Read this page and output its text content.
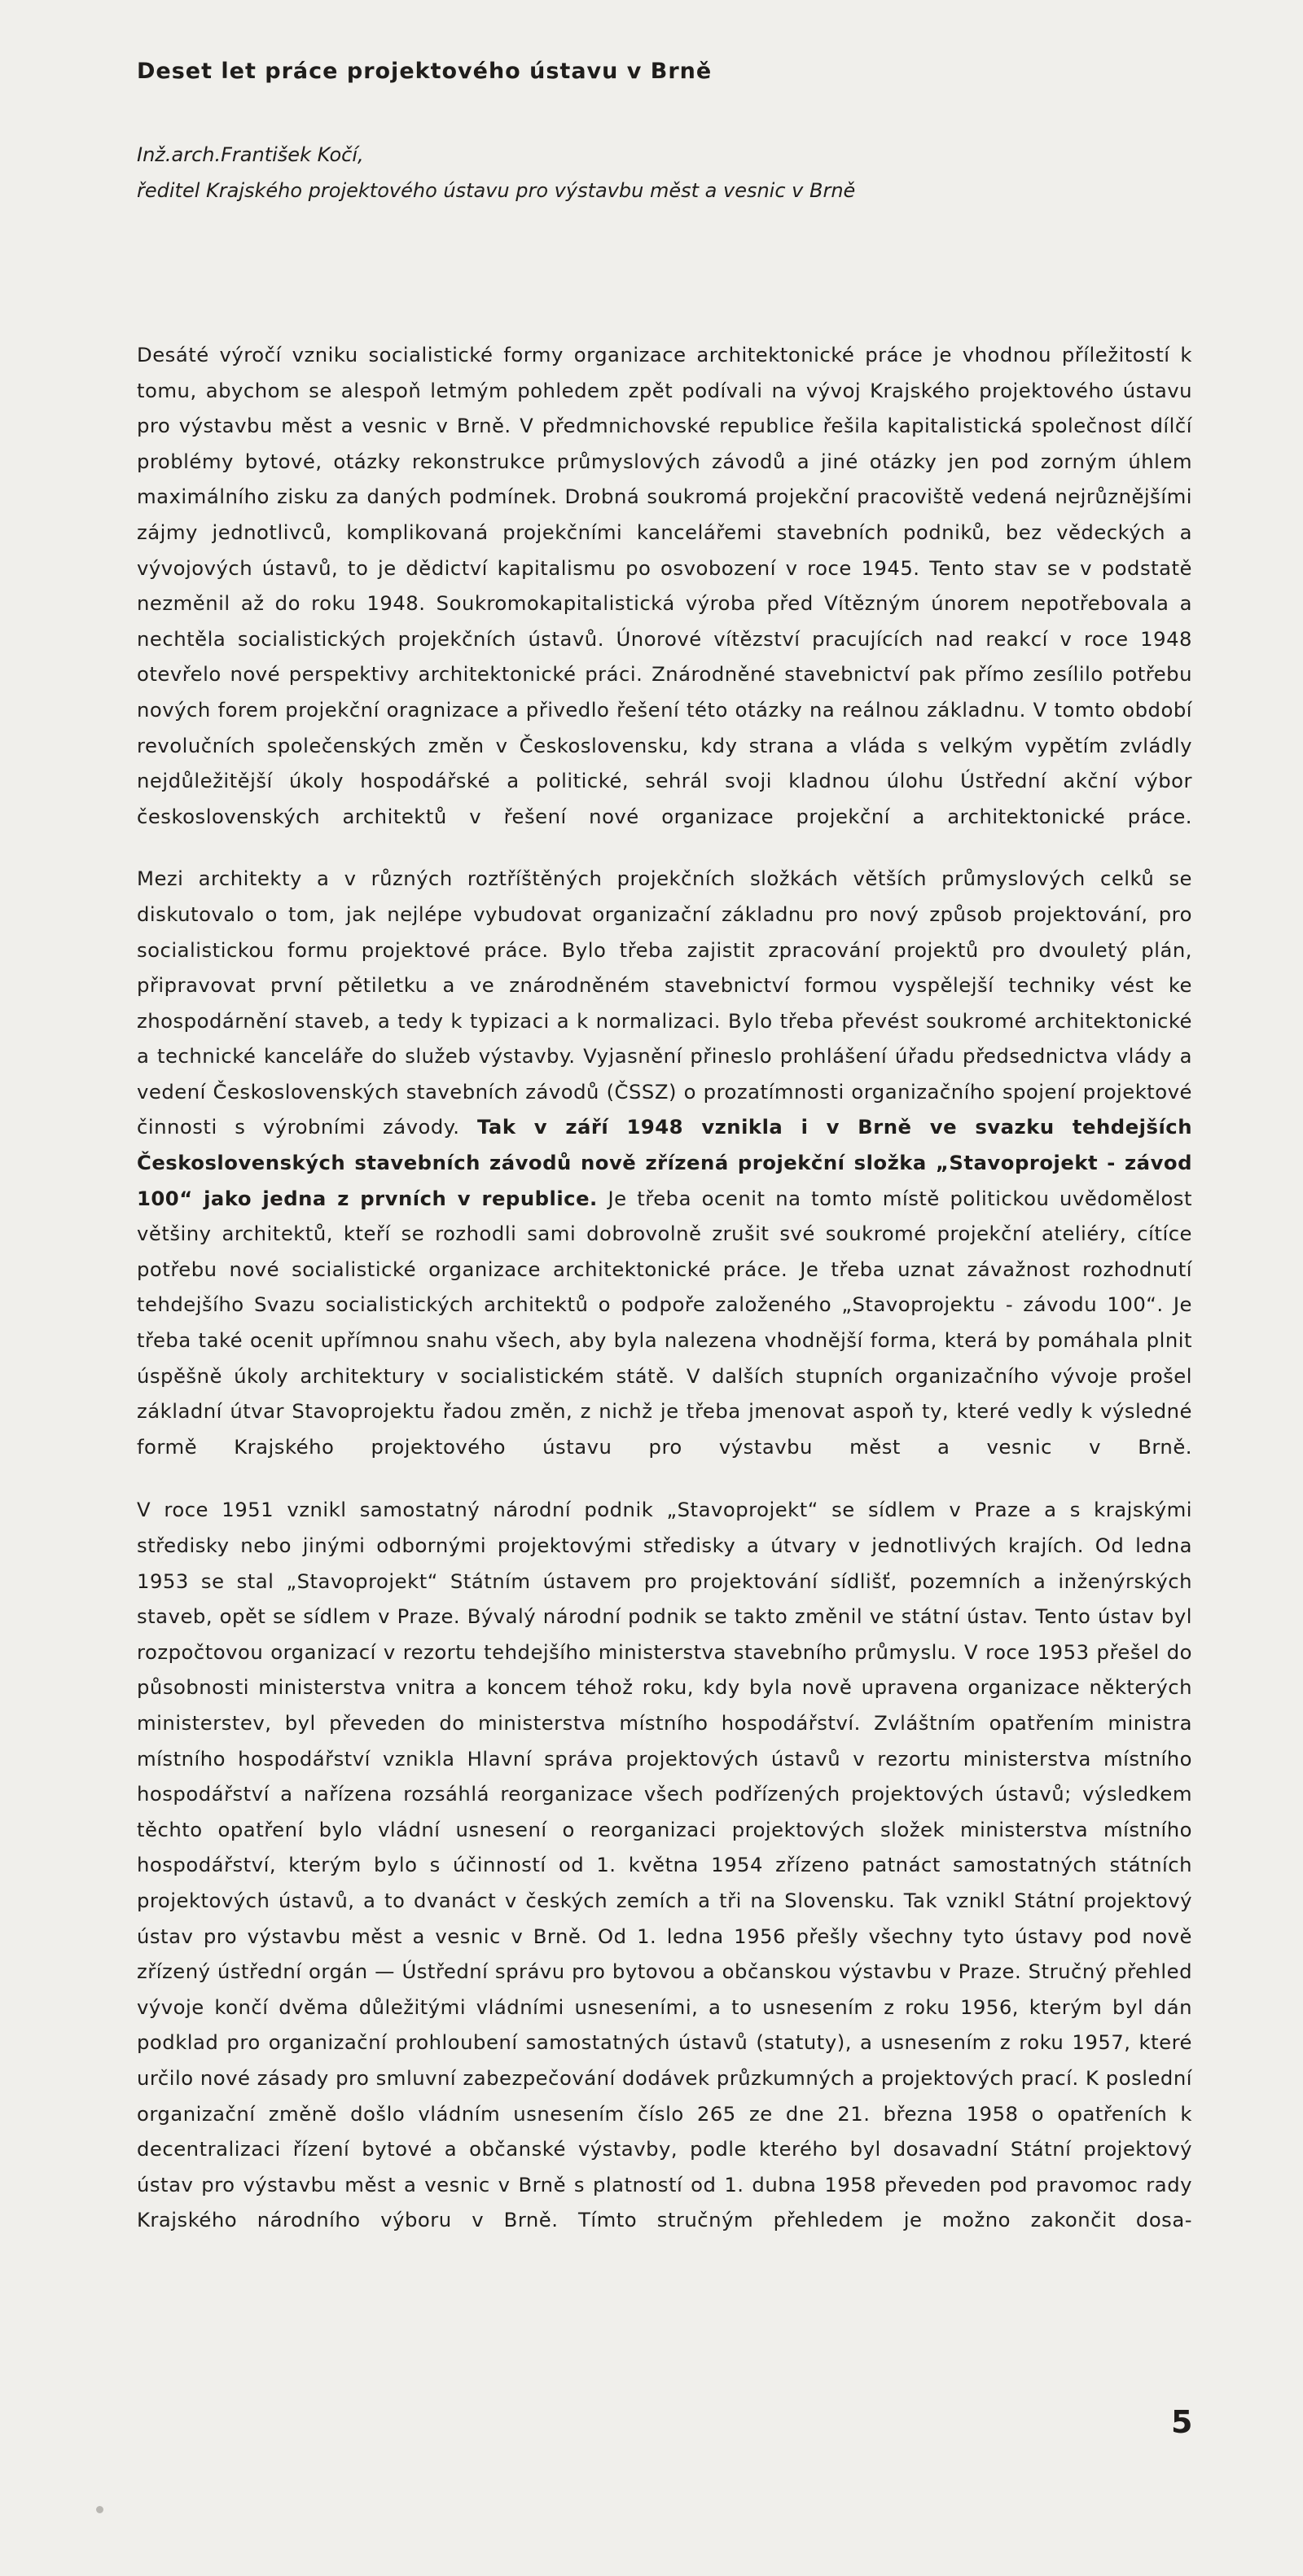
Deset let práce projektového ústavu v Brně

Inž.arch.František Kočí,
ředitel Krajského projektového ústavu pro výstavbu měst a vesnic v Brně

Desáté výročí vzniku socialistické formy organizace architektonické práce je vhodnou příležitostí k tomu, abychom se alespoň letmým pohledem zpět podívali na vývoj Krajského projektového ústavu pro výstavbu měst a vesnic v Brně. V předmnichovské republice řešila kapitalistická společnost dílčí problémy bytové, otázky rekonstrukce průmyslových závodů a jiné otázky jen pod zorným úhlem maximálního zisku za daných podmínek. Drobná soukromá projekční pracoviště vedená nejrůznějšími zájmy jednotlivců, komplikovaná projekčními kancelářemi stavebních podniků, bez vědeckých a vývojových ústavů, to je dědictví kapitalismu po osvobození v roce 1945. Tento stav se v podstatě nezměnil až do roku 1948. Soukromokapitalistická výroba před Vítězným únorem nepotřebovala a nechtěla socialistických projekčních ústavů. Únorové vítězství pracujících nad reakcí v roce 1948 otevřelo nové perspektivy architektonické práci. Znárodněné stavebnictví pak přímo zesílilo potřebu nových forem projekční oragnizace a přivedlo řešení této otázky na reálnou základnu. V tomto období revolučních společenských změn v Československu, kdy strana a vláda s velkým vypětím zvládly nejdůležitější úkoly hospodářské a politické, sehrál svoji kladnou úlohu Ústřední akční výbor československých architektů v řešení nové organizace projekční a architektonické práce.

Mezi architekty a v různých roztříštěných projekčních složkách větších průmyslových celků se diskutovalo o tom, jak nejlépe vybudovat organizační základnu pro nový způsob projektování, pro socialistickou formu projektové práce. Bylo třeba zajistit zpracování projektů pro dvouletý plán, připravovat první pětiletku a ve znárodněném stavebnictví formou vyspělejší techniky vést ke zhospodárnění staveb, a tedy k typizaci a k normalizaci. Bylo třeba převést soukromé architektonické a technické kanceláře do služeb výstavby. Vyjasnění přineslo prohlášení úřadu předsednictva vlády a vedení Československých stavebních závodů (ČSSZ) o prozatímnosti organizačního spojení projektové činnosti s výrobními závody. Tak v září 1948 vznikla i v Brně ve svazku tehdejších Československých stavebních závodů nově zřízená projekční složka „Stavoprojekt - závod 100“ jako jedna z prvních v republice. Je třeba ocenit na tomto místě politickou uvědomělost většiny architektů, kteří se rozhodli sami dobrovolně zrušit své soukromé projekční ateliéry, cítíce potřebu nové socialistické organizace architektonické práce. Je třeba uznat závažnost rozhodnutí tehdejšího Svazu socialistických architektů o podpoře založeného „Stavoprojektu - závodu 100“. Je třeba také ocenit upřímnou snahu všech, aby byla nalezena vhodnější forma, která by pomáhala plnit úspěšně úkoly architektury v socialistickém státě. V dalších stupních organizačního vývoje prošel základní útvar Stavoprojektu řadou změn, z nichž je třeba jmenovat aspoň ty, které vedly k výsledné formě Krajského projektového ústavu pro výstavbu měst a vesnic v Brně.

V roce 1951 vznikl samostatný národní podnik „Stavoprojekt“ se sídlem v Praze a s krajskými středisky nebo jinými odbornými projektovými středisky a útvary v jednotlivých krajích. Od ledna 1953 se stal „Stavoprojekt“ Státním ústavem pro projektování sídlišť, pozemních a inženýrských staveb, opět se sídlem v Praze. Bývalý národní podnik se takto změnil ve státní ústav. Tento ústav byl rozpočtovou organizací v rezortu tehdejšího ministerstva stavebního průmyslu. V roce 1953 přešel do působnosti ministerstva vnitra a koncem téhož roku, kdy byla nově upravena organizace některých ministerstev, byl převeden do ministerstva místního hospodářství. Zvláštním opatřením ministra místního hospodářství vznikla Hlavní správa projektových ústavů v rezortu ministerstva místního hospodářství a nařízena rozsáhlá reorganizace všech podřízených projektových ústavů; výsledkem těchto opatření bylo vládní usnesení o reorganizaci projektových složek ministerstva místního hospodářství, kterým bylo s účinností od 1. května 1954 zřízeno patnáct samostatných státních projektových ústavů, a to dvanáct v českých zemích a tři na Slovensku. Tak vznikl Státní projektový ústav pro výstavbu měst a vesnic v Brně. Od 1. ledna 1956 přešly všechny tyto ústavy pod nově zřízený ústřední orgán — Ústřední správu pro bytovou a občanskou výstavbu v Praze. Stručný přehled vývoje končí dvěma důležitými vládními usneseními, a to usnesením z roku 1956, kterým byl dán podklad pro organizační prohloubení samostatných ústavů (statuty), a usnesením z roku 1957, které určilo nové zásady pro smluvní zabezpečování dodávek průzkumných a projektových prací. K poslední organizační změně došlo vládním usnesením číslo 265 ze dne 21. března 1958 o opatřeních k decentralizaci řízení bytové a občanské výstavby, podle kterého byl dosavadní Státní projektový ústav pro výstavbu měst a vesnic v Brně s platností od 1. dubna 1958 převeden pod pravomoc rady Krajského národního výboru v Brně. Tímto stručným přehledem je možno zakončit dosa-

5
